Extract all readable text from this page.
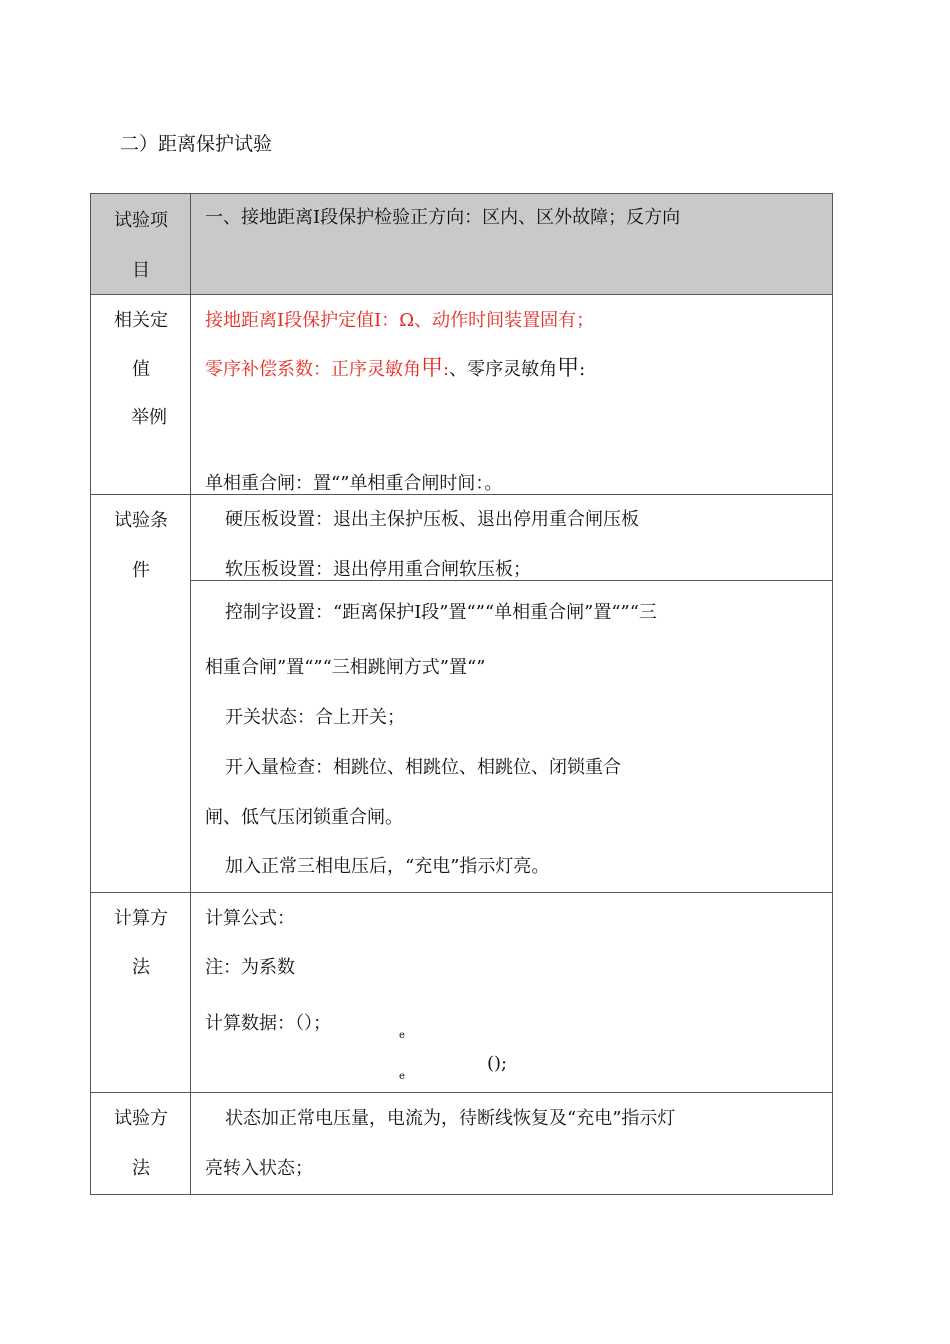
二）距离保护试验
试验项
目
一、接地距离Ⅰ段保护检验正方向：区内、区外故障；反方向
相关定
值
举例
接地距离Ⅰ段保护定值Ⅰ：Ω、动作时间装置固有；
零序补偿系数：正序灵敏角甲:、零序灵敏角甲:
单相重合闸：置“”单相重合闸时间：。
试验条
件
硬压板设置：退出主保护压板、退出停用重合闸压板
软压板设置：退出停用重合闸软压板；
控制字设置：“距离保护Ⅰ段”置“”“单相重合闸”置“”“三
相重合闸”置“”“三相跳闸方式”置“”
开关状态：合上开关；
开入量检查：相跳位、相跳位、相跳位、闭锁重合
闸、低气压闭锁重合闸。
加入正常三相电压后，“充电”指示灯亮。
计算方
法
计算公式：
注：为系数
计算数据：（）；
e
();
e
试验方
法
状态加正常电压量，电流为，待断线恢复及“充电”指示灯
亮转入状态；
